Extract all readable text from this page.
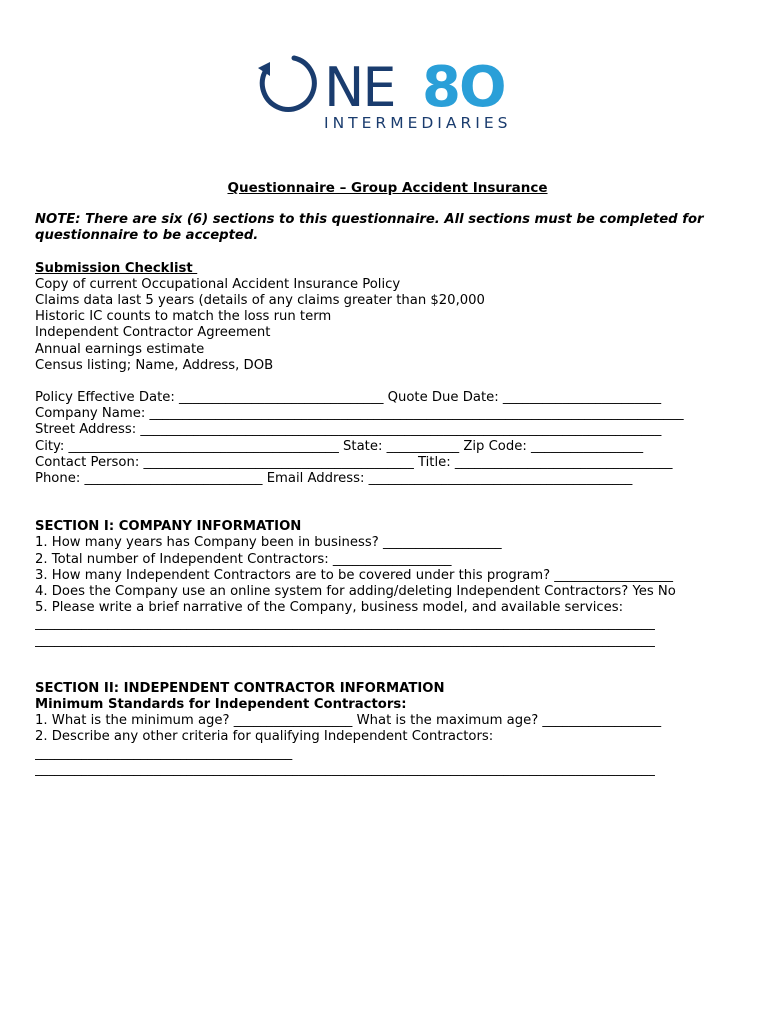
NE 8O
INTERMEDIARIES
Questionnaire – Group Accident Insurance
NOTE: There are six (6) sections to this questionnaire. All sections must be completed for questionnaire to be accepted.
Submission Checklist
Copy of current Occupational Accident Insurance Policy
Claims data last 5 years (details of any claims greater than $20,000
Historic IC counts to match the loss run term
Independent Contractor Agreement
Annual earnings estimate
Census listing; Name, Address, DOB
Policy Effective Date: _______________________________ Quote Due Date: ________________________
Company Name: _________________________________________________________________________________
Street Address: _______________________________________________________________________________
City: _________________________________________ State: ___________ Zip Code: _________________
Contact Person: _________________________________________ Title: _________________________________
Phone: ___________________________ Email Address: ________________________________________
SECTION I: COMPANY INFORMATION
1. How many years has Company been in business? __________________
2. Total number of Independent Contractors: __________________
3. How many Independent Contractors are to be covered under this program? __________________
4. Does the Company use an online system for adding/deleting Independent Contractors? Yes No
5. Please write a brief narrative of the Company, business model, and available services:
______________________________________________________________________________________________
______________________________________________________________________________________________
SECTION II: INDEPENDENT CONTRACTOR INFORMATION
Minimum Standards for Independent Contractors:
1. What is the minimum age? __________________ What is the maximum age? __________________
2. Describe any other criteria for qualifying Independent Contractors:
_______________________________________
______________________________________________________________________________________________
